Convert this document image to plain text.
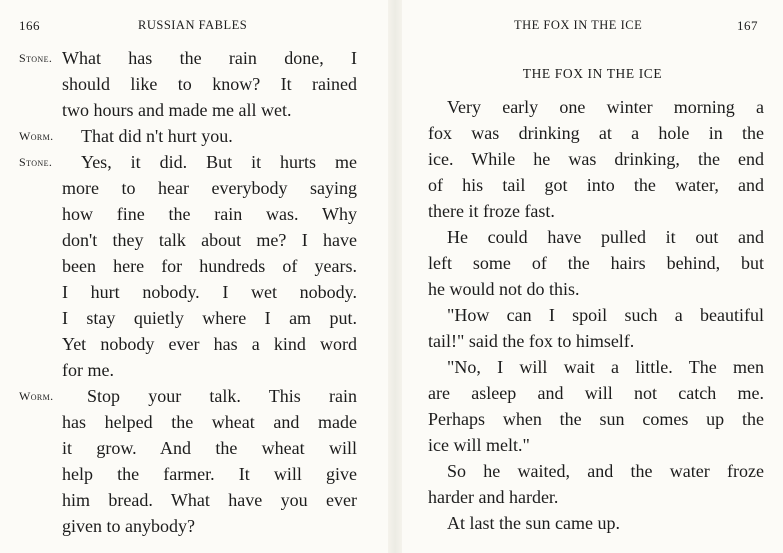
166	RUSSIAN FABLES
Stone. What has the rain done, I
should like to know? It rained
two hours and made me all wet.
Worm. That did n't hurt you.
Stone.	Yes, it did. But it hurts me
more to hear everybody saying
how fine the rain was. Why
don't they talk about me? I have
been here for hundreds of years.
I hurt nobody. I wet nobody.
I stay quietly where I am put.
Yet nobody ever has a kind word
for me.
Worm.	Stop your talk. This rain
has helped the wheat and made
it grow. And the wheat will
help the farmer. It will give
him bread. What have you ever
given to anybody?
THE FOX IN THE ICE	167
THE FOX IN THE ICE
Very early one winter morning a
fox was drinking at a hole in the
ice. While he was drinking, the end
of his tail got into the water, and
there it froze fast.
He could have pulled it out and
left some of the hairs behind, but
he would not do this.
"How can I spoil such a beautiful
tail!" said the fox to himself.
"No, I will wait a little. The men
are asleep and will not catch me.
Perhaps when the sun comes up the
ice will melt."
So he waited, and the water froze
harder and harder.
At last the sun came up.
